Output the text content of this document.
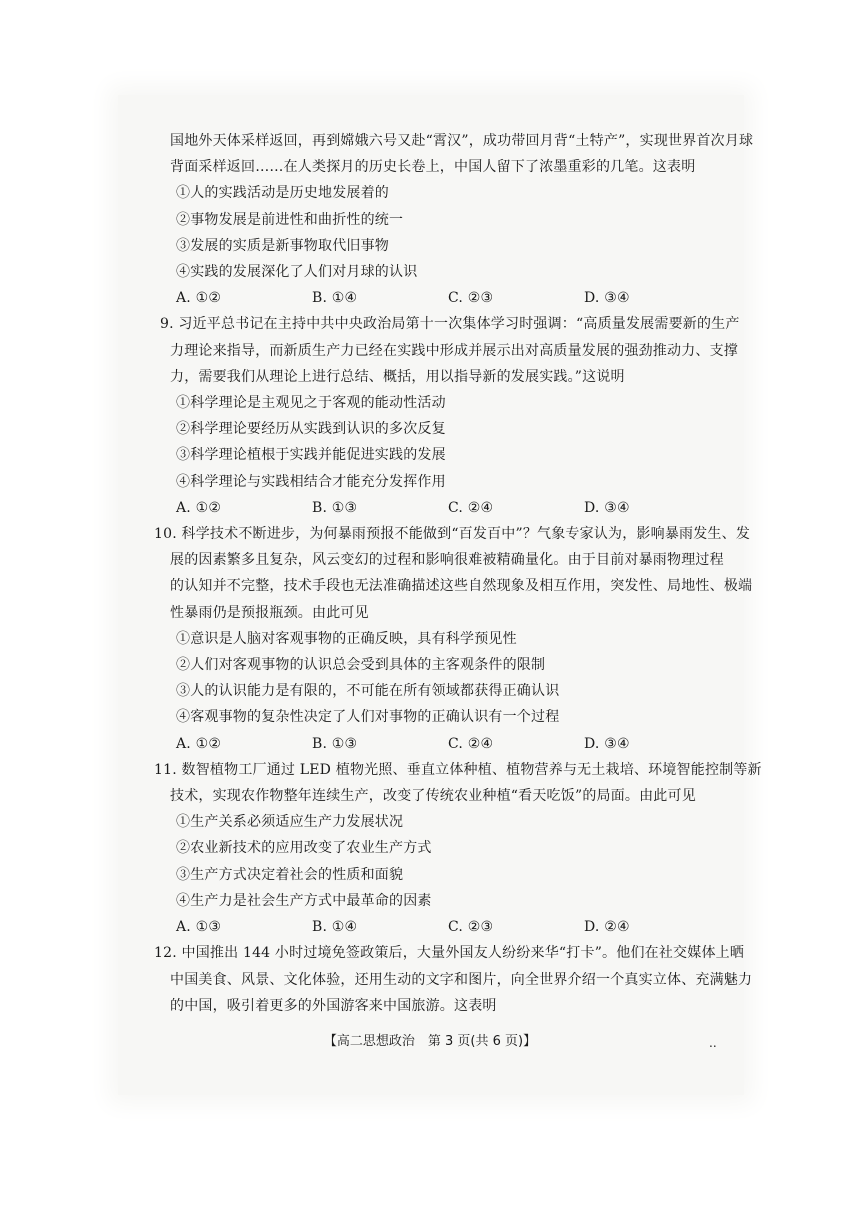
国地外天体采样返回，再到嫦娥六号又赴“霄汉”，成功带回月背“土特产”，实现世界首次月球
背面采样返回……在人类探月的历史长卷上，中国人留下了浓墨重彩的几笔。这表明
①人的实践活动是历史地发展着的
②事物发展是前进性和曲折性的统一
③发展的实质是新事物取代旧事物
④实践的发展深化了人们对月球的认识
A. ①②	B. ①④	C. ②③	D. ③④
9. 习近平总书记在主持中共中央政治局第十一次集体学习时强调：“高质量发展需要新的生产
力理论来指导，而新质生产力已经在实践中形成并展示出对高质量发展的强劲推动力、支撑
力，需要我们从理论上进行总结、概括，用以指导新的发展实践。”这说明
①科学理论是主观见之于客观的能动性活动
②科学理论要经历从实践到认识的多次反复
③科学理论植根于实践并能促进实践的发展
④科学理论与实践相结合才能充分发挥作用
A. ①②	B. ①③	C. ②④	D. ③④
10. 科学技术不断进步，为何暴雨预报不能做到“百发百中”？气象专家认为，影响暴雨发生、发
展的因素繁多且复杂，风云变幻的过程和影响很难被精确量化。由于目前对暴雨物理过程
的认知并不完整，技术手段也无法准确描述这些自然现象及相互作用，突发性、局地性、极端
性暴雨仍是预报瓶颈。由此可见
①意识是人脑对客观事物的正确反映，具有科学预见性
②人们对客观事物的认识总会受到具体的主客观条件的限制
③人的认识能力是有限的，不可能在所有领域都获得正确认识
④客观事物的复杂性决定了人们对事物的正确认识有一个过程
A. ①②	B. ①③	C. ②④	D. ③④
11. 数智植物工厂通过 LED 植物光照、垂直立体种植、植物营养与无土栽培、环境智能控制等新
技术，实现农作物整年连续生产，改变了传统农业种植“看天吃饭”的局面。由此可见
①生产关系必须适应生产力发展状况
②农业新技术的应用改变了农业生产方式
③生产方式决定着社会的性质和面貌
④生产力是社会生产方式中最革命的因素
A. ①③	B. ①④	C. ②③	D. ②④
12. 中国推出 144 小时过境免签政策后，大量外国友人纷纷来华“打卡”。他们在社交媒体上晒
中国美食、风景、文化体验，还用生动的文字和图片，向全世界介绍一个真实立体、充满魅力
的中国，吸引着更多的外国游客来中国旅游。这表明
【高二思想政治　第 3 页(共 6 页)】	..
